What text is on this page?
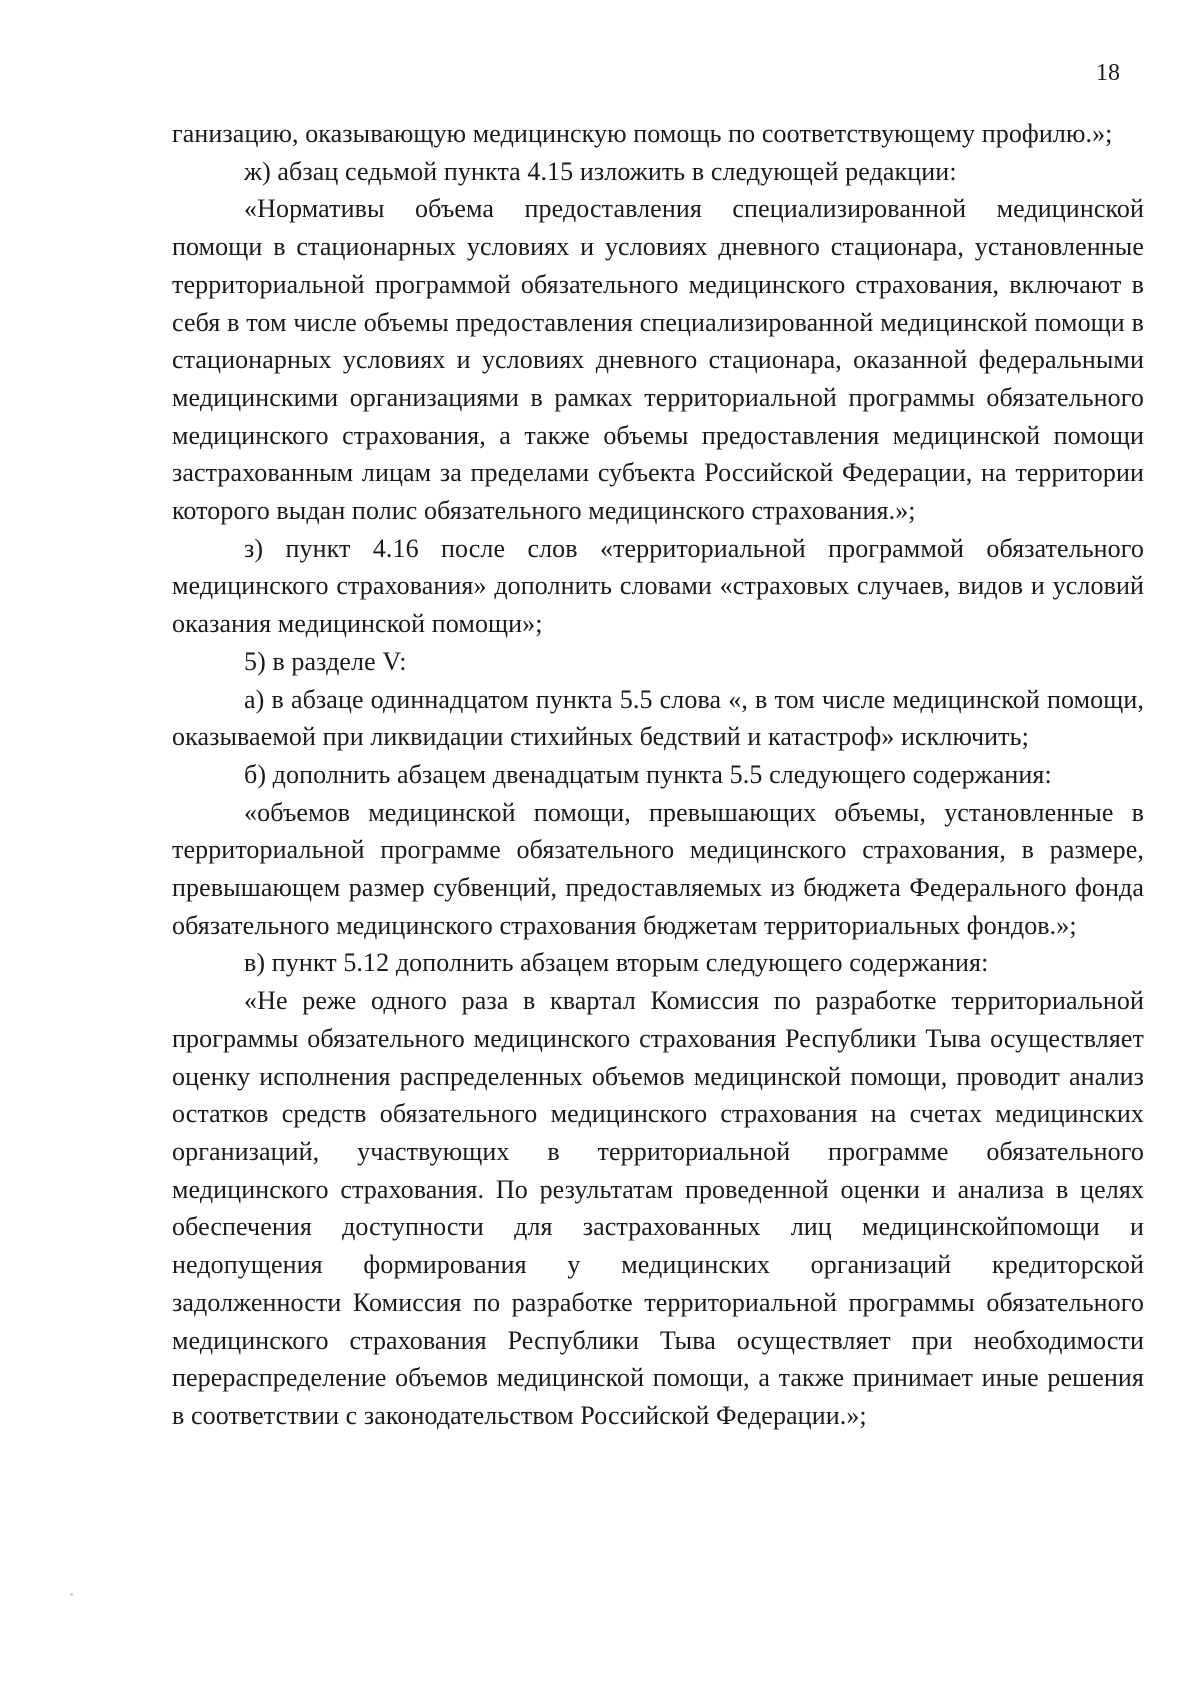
18

ганизацию, оказывающую медицинскую помощь по соответствующему профилю.»;

ж) абзац седьмой пункта 4.15 изложить в следующей редакции:

«Нормативы объема предоставления специализированной медицинской помощи в стационарных условиях и условиях дневного стационара, установленные территориальной программой обязательного медицинского страхования, включают в себя в том числе объемы предоставления специализированной медицинской помощи в стационарных условиях и условиях дневного стационара, оказанной федеральными медицинскими организациями в рамках территориальной программы обязательного медицинского страхования, а также объемы предоставления медицинской помощи застрахованным лицам за пределами субъекта Российской Федерации, на территории которого выдан полис обязательного медицинского страхования.»;

з) пункт 4.16 после слов «территориальной программой обязательного медицинского страхования» дополнить словами «страховых случаев, видов и условий оказания медицинской помощи»;

5) в разделе V:

а) в абзаце одиннадцатом пункта 5.5 слова «, в том числе медицинской помощи, оказываемой при ликвидации стихийных бедствий и катастроф» исключить;

б) дополнить абзацем двенадцатым пункта 5.5 следующего содержания:

«объемов медицинской помощи, превышающих объемы, установленные в территориальной программе обязательного медицинского страхования, в размере, превышающем размер субвенций, предоставляемых из бюджета Федерального фонда обязательного медицинского страхования бюджетам территориальных фондов.»;

в) пункт 5.12 дополнить абзацем вторым следующего содержания:

«Не реже одного раза в квартал Комиссия по разработке территориальной программы обязательного медицинского страхования Республики Тыва осуществляет оценку исполнения распределенных объемов медицинской помощи, проводит анализ остатков средств обязательного медицинского страхования на счетах медицинских организаций, участвующих в территориальной программе обязательного медицинского страхования. По результатам проведенной оценки и анализа в целях обеспечения доступности для застрахованных лиц медицинскойпомощи и недопущения формирования у медицинских организаций кредиторской задолженности Комиссия по разработке территориальной программы обязательного медицинского страхования Республики Тыва осуществляет при необходимости перераспределение объемов медицинской помощи, а также принимает иные решения в соответствии с законодательством Российской Федерации.»;
